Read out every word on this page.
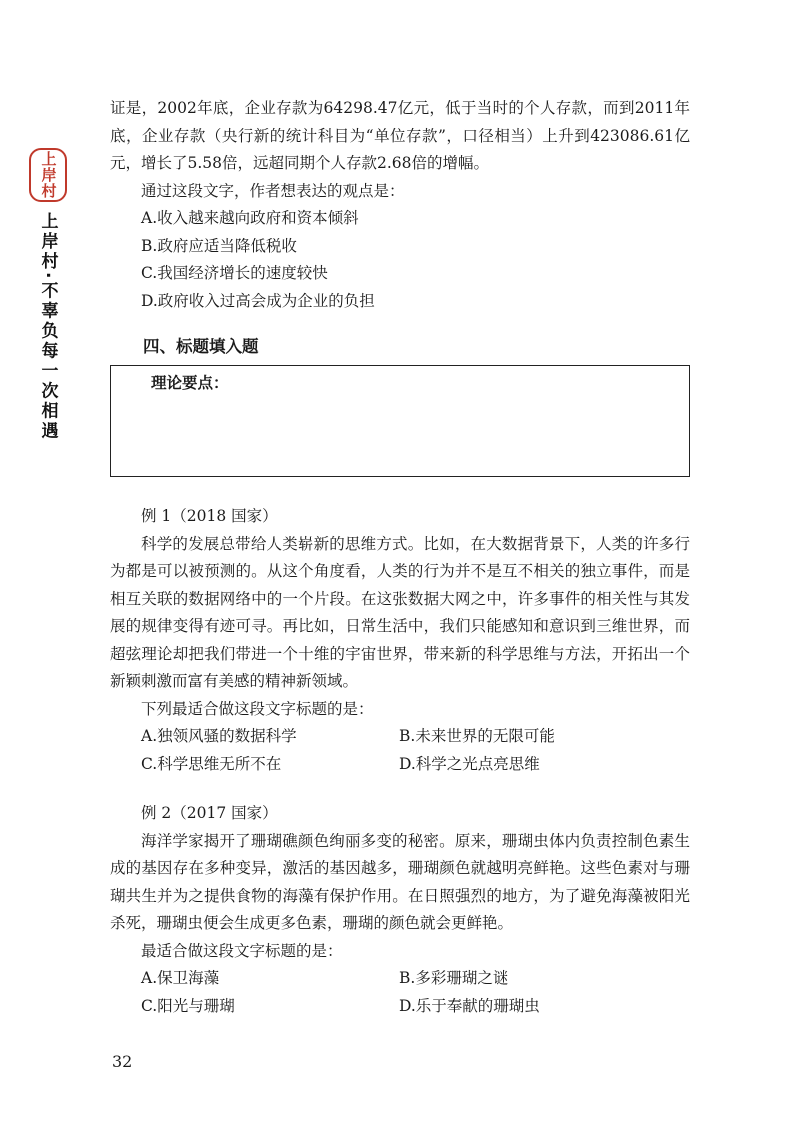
上岸村
上岸村·不辜负每一次相遇

证是，2002年底，企业存款为64298.47亿元，低于当时的个人存款，而到2011年底，企业存款（央行新的统计科目为“单位存款”，口径相当）上升到423086.61亿元，增长了5.58倍，远超同期个人存款2.68倍的增幅。

通过这段文字，作者想表达的观点是：

A.收入越来越向政府和资本倾斜

B.政府应适当降低税收

C.我国经济增长的速度较快

D.政府收入过高会成为企业的负担

四、标题填入题
理论要点：

例 1（2018 国家）

科学的发展总带给人类崭新的思维方式。比如，在大数据背景下，人类的许多行为都是可以被预测的。从这个角度看，人类的行为并不是互不相关的独立事件，而是相互关联的数据网络中的一个片段。在这张数据大网之中，许多事件的相关性与其发展的规律变得有迹可寻。再比如，日常生活中，我们只能感知和意识到三维世界，而超弦理论却把我们带进一个十维的宇宙世界，带来新的科学思维与方法，开拓出一个新颖刺激而富有美感的精神新领域。

下列最适合做这段文字标题的是：

A.独领风骚的数据科学	B.未来世界的无限可能
C.科学思维无所不在	D.科学之光点亮思维

例 2（2017 国家）

海洋学家揭开了珊瑚礁颜色绚丽多变的秘密。原来，珊瑚虫体内负责控制色素生成的基因存在多种变异，激活的基因越多，珊瑚颜色就越明亮鲜艳。这些色素对与珊瑚共生并为之提供食物的海藻有保护作用。在日照强烈的地方，为了避免海藻被阳光杀死，珊瑚虫便会生成更多色素，珊瑚的颜色就会更鲜艳。

最适合做这段文字标题的是：

A.保卫海藻	B.多彩珊瑚之谜
C.阳光与珊瑚	D.乐于奉献的珊瑚虫
32
